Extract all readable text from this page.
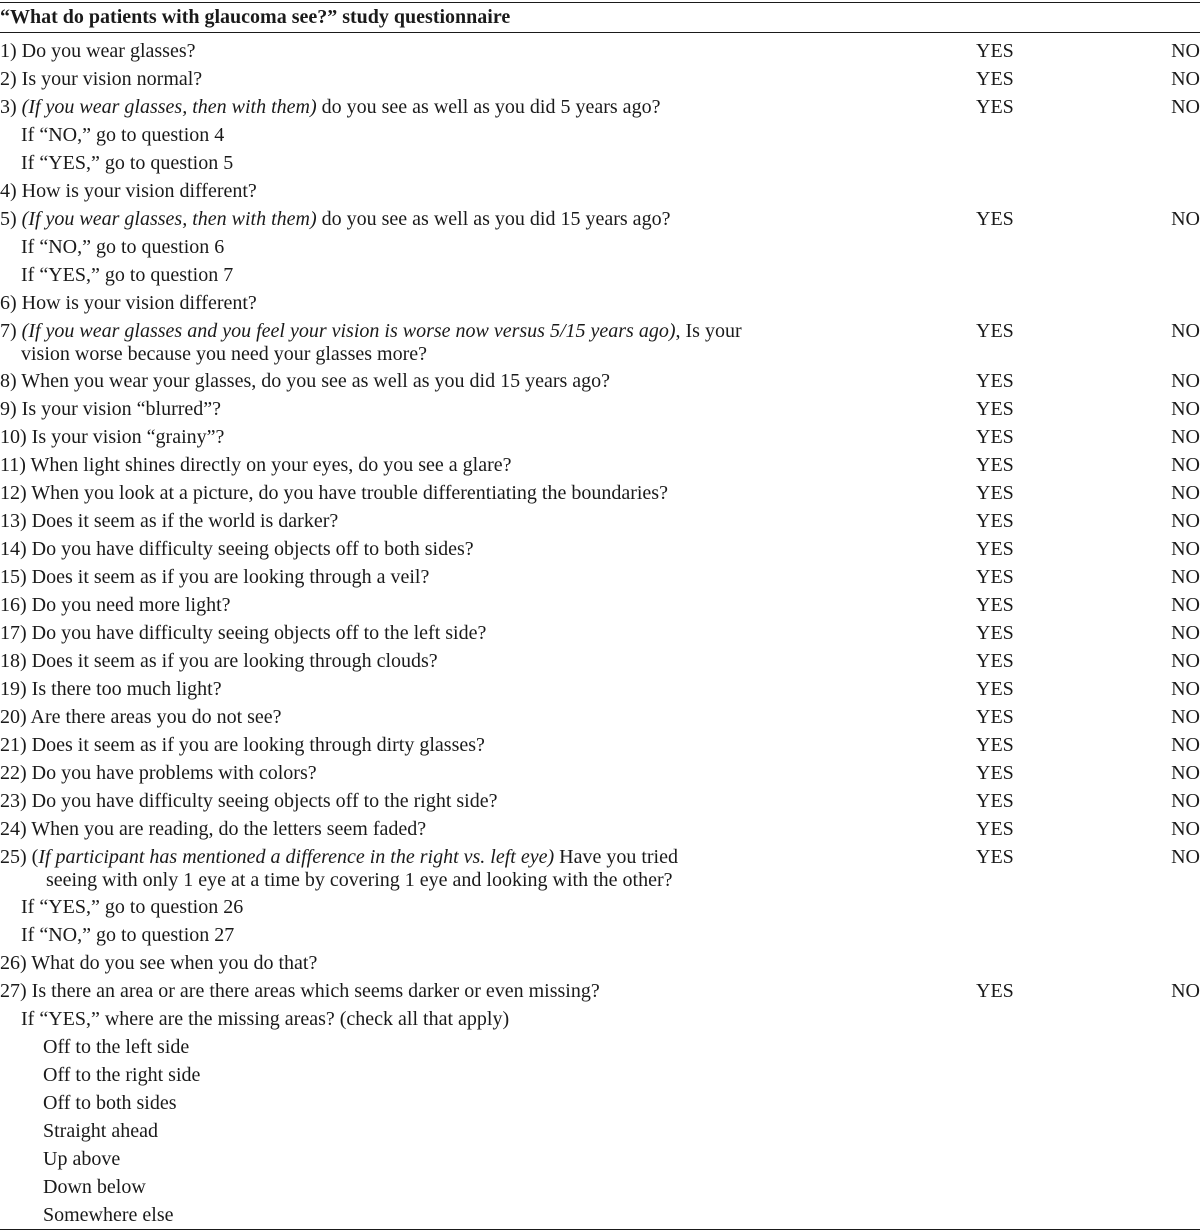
“What do patients with glaucoma see?” study questionnaire
1) Do you wear glasses?	YES	NO
2) Is your vision normal?	YES	NO
3) (If you wear glasses, then with them) do you see as well as you did 5 years ago?	YES	NO
If “NO,” go to question 4
If “YES,” go to question 5
4) How is your vision different?
5) (If you wear glasses, then with them) do you see as well as you did 15 years ago?	YES	NO
If “NO,” go to question 6
If “YES,” go to question 7
6) How is your vision different?
7) (If you wear glasses and you feel your vision is worse now versus 5/15 years ago), Is your
vision worse because you need your glasses more?
YES	NO
8) When you wear your glasses, do you see as well as you did 15 years ago?	YES	NO
9) Is your vision “blurred”?	YES	NO
10) Is your vision “grainy”?	YES	NO
11) When light shines directly on your eyes, do you see a glare?	YES	NO
12) When you look at a picture, do you have trouble differentiating the boundaries?	YES	NO
13) Does it seem as if the world is darker?	YES	NO
14) Do you have difficulty seeing objects off to both sides?	YES	NO
15) Does it seem as if you are looking through a veil?	YES	NO
16) Do you need more light?	YES	NO
17) Do you have difficulty seeing objects off to the left side?	YES	NO
18) Does it seem as if you are looking through clouds?	YES	NO
19) Is there too much light?	YES	NO
20) Are there areas you do not see?	YES	NO
21) Does it seem as if you are looking through dirty glasses?	YES	NO
22) Do you have problems with colors?	YES	NO
23) Do you have difficulty seeing objects off to the right side?	YES	NO
24) When you are reading, do the letters seem faded?	YES	NO
25) (If participant has mentioned a difference in the right vs. left eye) Have you tried
seeing with only 1 eye at a time by covering 1 eye and looking with the other?
YES	NO
If “YES,” go to question 26
If “NO,” go to question 27
26) What do you see when you do that?
27) Is there an area or are there areas which seems darker or even missing?	YES	NO
If “YES,” where are the missing areas? (check all that apply)
Off to the left side
Off to the right side
Off to both sides
Straight ahead
Up above
Down below
Somewhere else
